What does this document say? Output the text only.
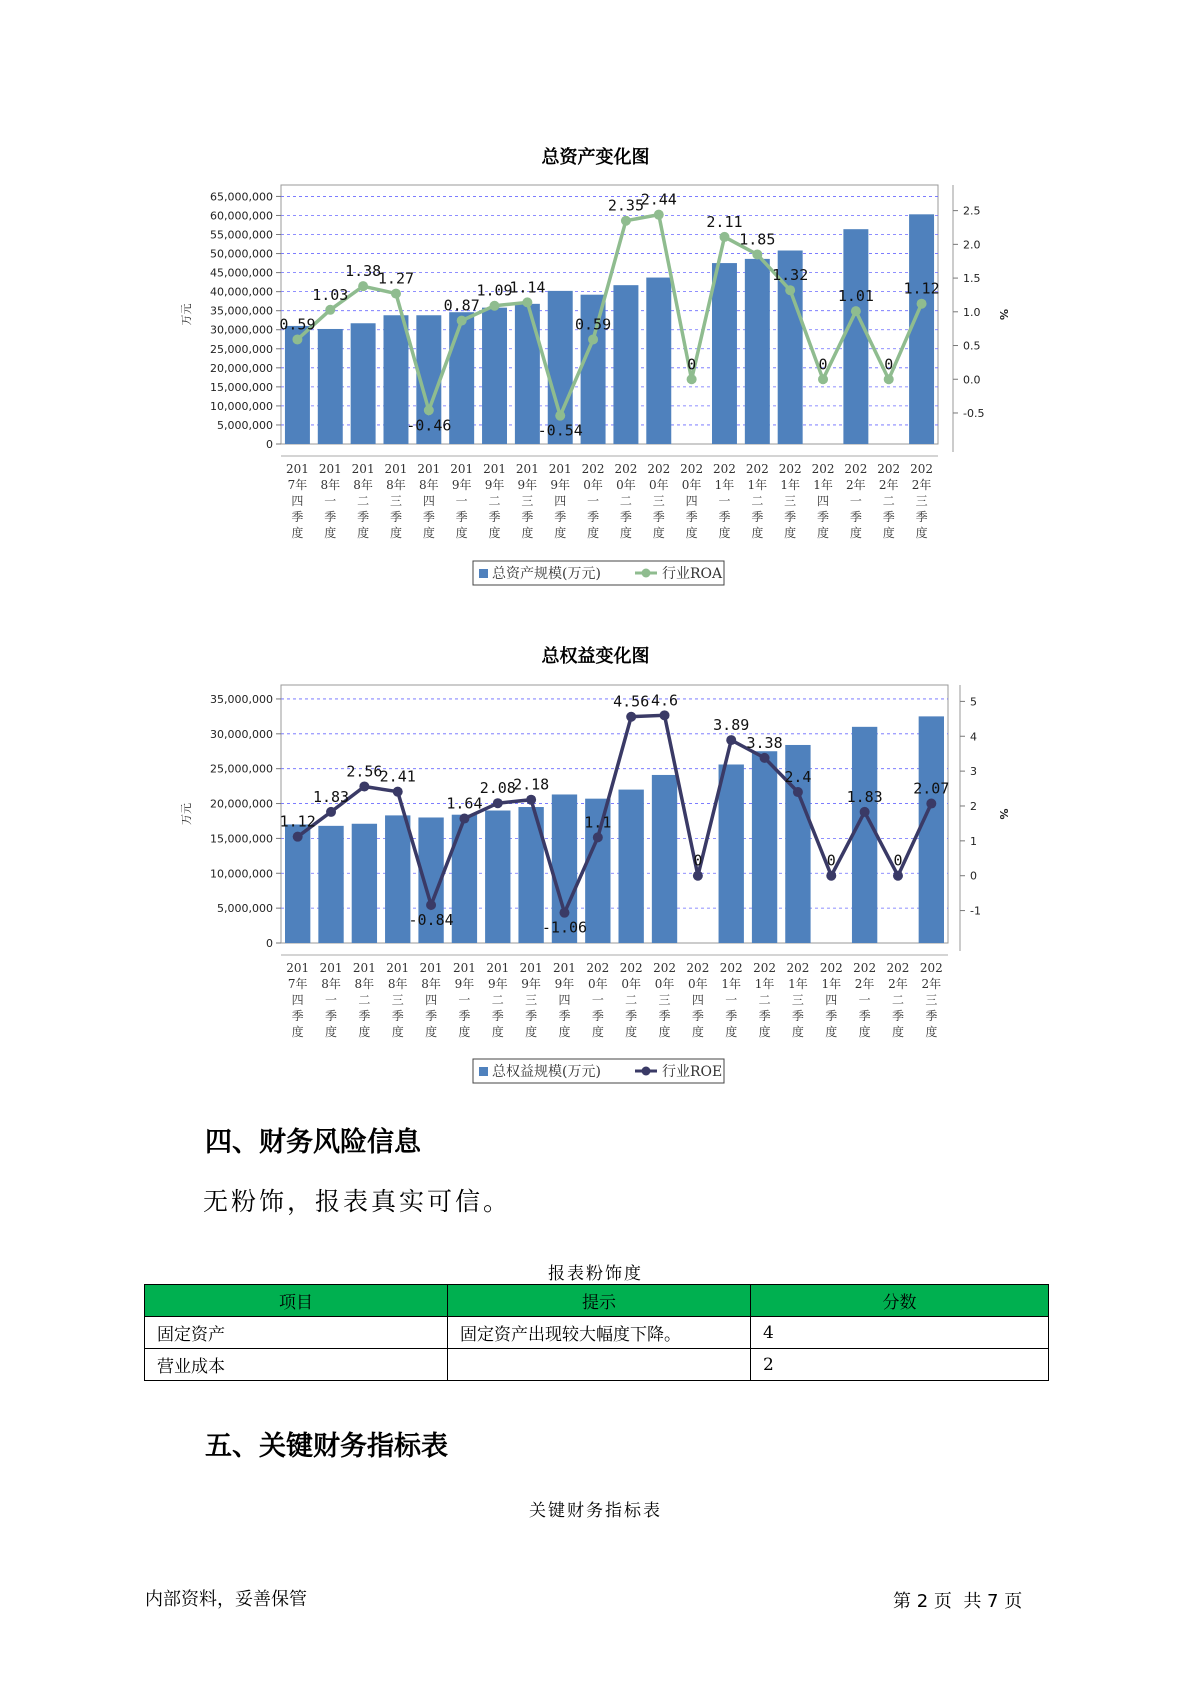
总资产变化图
0
5,000,000
10,000,000
15,000,000
20,000,000
25,000,000
30,000,000
35,000,000
40,000,000
45,000,000
50,000,000
55,000,000
60,000,000
65,000,000
-0.5
0.0
0.5
1.0
1.5
2.0
2.5
万元	%
201
7年
四
季
度
201
8年
一
季
度
201
8年
二
季
度
201
8年
三
季
度
201
8年
四
季
度
201
9年
一
季
度
201
9年
二
季
度
201
9年
三
季
度
201
9年
四
季
度
202
0年
一
季
度
202
0年
二
季
度
202
0年
三
季
度
202
0年
四
季
度
202
1年
一
季
度
202
1年
二
季
度
202
1年
三
季
度
202
1年
四
季
度
202
2年
一
季
度
202
2年
二
季
度
202
2年
三
季
度
0.59
1.03
1.38
1.27
-0.46
0.87
1.09
1.14
-0.54
0.59
2.35
2.44
0
2.11
1.85
1.32
0
1.01
0
1.12
总资产规模(万元)	行业ROA
总权益变化图
0
5,000,000
10,000,000
15,000,000
20,000,000
25,000,000
30,000,000
35,000,000
-1
0
1
2
3
4
5
万元	%
201
7年
四
季
度
201
8年
一
季
度
201
8年
二
季
度
201
8年
三
季
度
201
8年
四
季
度
201
9年
一
季
度
201
9年
二
季
度
201
9年
三
季
度
201
9年
四
季
度
202
0年
一
季
度
202
0年
二
季
度
202
0年
三
季
度
202
0年
四
季
度
202
1年
一
季
度
202
1年
二
季
度
202
1年
三
季
度
202
1年
四
季
度
202
2年
一
季
度
202
2年
二
季
度
202
2年
三
季
度
1.12
1.83
2.56
2.41
-0.84
1.64
2.08
2.18
-1.06
1.1
4.56 4.6
0
3.89
3.38
2.4
0
1.83
0
2.07
总权益规模(万元)	行业ROE
四、财务风险信息
无粉饰，报表真实可信。
报表粉饰度
项目	提示	分数
固定资产	固定资产出现较大幅度下降。	4
营业成本		2
五、关键财务指标表
关键财务指标表
内部资料，妥善保管	第 2 页  共 7 页
